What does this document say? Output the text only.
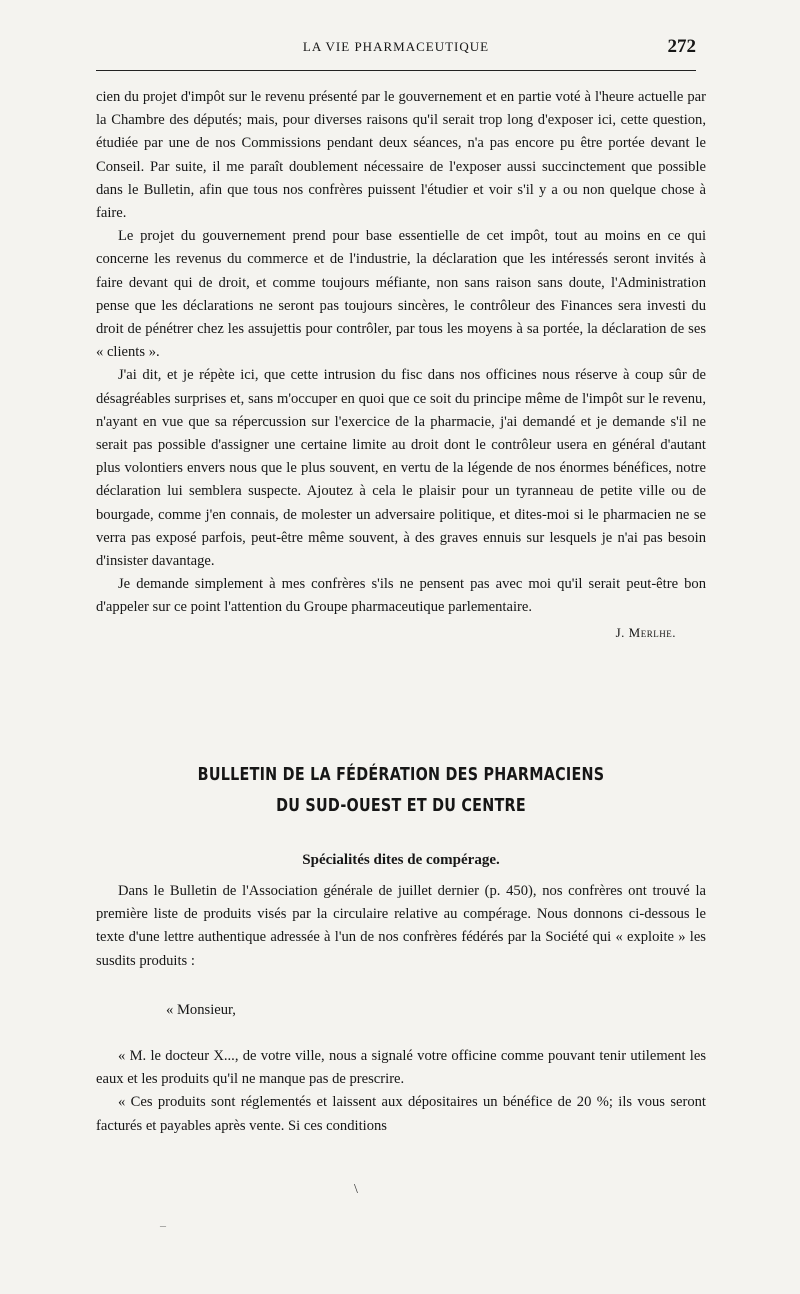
LA VIE PHARMACEUTIQUE	272

cien du projet d'impôt sur le revenu présenté par le gouvernement et en partie voté à l'heure actuelle par la Chambre des députés; mais, pour diverses raisons qu'il serait trop long d'exposer ici, cette question, étudiée par une de nos Commissions pendant deux séances, n'a pas encore pu être portée devant le Conseil. Par suite, il me paraît doublement nécessaire de l'exposer aussi succinctement que possible dans le Bulletin, afin que tous nos confrères puissent l'étudier et voir s'il y a ou non quelque chose à faire.

Le projet du gouvernement prend pour base essentielle de cet impôt, tout au moins en ce qui concerne les revenus du commerce et de l'industrie, la déclaration que les intéressés seront invités à faire devant qui de droit, et comme toujours méfiante, non sans raison sans doute, l'Administration pense que les déclarations ne seront pas toujours sincères, le contrôleur des Finances sera investi du droit de pénétrer chez les assujettis pour contrôler, par tous les moyens à sa portée, la déclaration de ses « clients ».

J'ai dit, et je répète ici, que cette intrusion du fisc dans nos officines nous réserve à coup sûr de désagréables surprises et, sans m'occuper en quoi que ce soit du principe même de l'impôt sur le revenu, n'ayant en vue que sa répercussion sur l'exercice de la pharmacie, j'ai demandé et je demande s'il ne serait pas possible d'assigner une certaine limite au droit dont le contrôleur usera en général d'autant plus volontiers envers nous que le plus souvent, en vertu de la légende de nos énormes bénéfices, notre déclaration lui semblera suspecte. Ajoutez à cela le plaisir pour un tyranneau de petite ville ou de bourgade, comme j'en connais, de molester un adversaire politique, et dites-moi si le pharmacien ne se verra pas exposé parfois, peut-être même souvent, à des graves ennuis sur lesquels je n'ai pas besoin d'insister davantage.

Je demande simplement à mes confrères s'ils ne pensent pas avec moi qu'il serait peut-être bon d'appeler sur ce point l'attention du Groupe pharmaceutique parlementaire.

J. Merlhe.
BULLETIN DE LA FÉDÉRATION DES PHARMACIENS
DU SUD-OUEST ET DU CENTRE
Spécialités dites de compérage.

Dans le Bulletin de l'Association générale de juillet dernier (p. 450), nos confrères ont trouvé la première liste de produits visés par la circulaire relative au compérage. Nous donnons ci-dessous le texte d'une lettre authentique adressée à l'un de nos confrères fédérés par la Société qui « exploite » les susdits produits :

« Monsieur,

« M. le docteur X..., de votre ville, nous a signalé votre officine comme pouvant tenir utilement les eaux et les produits qu'il ne manque pas de prescrire.

« Ces produits sont réglementés et laissent aux dépositaires un bénéfice de 20 %; ils vous seront facturés et payables après vente. Si ces conditions

\
–
